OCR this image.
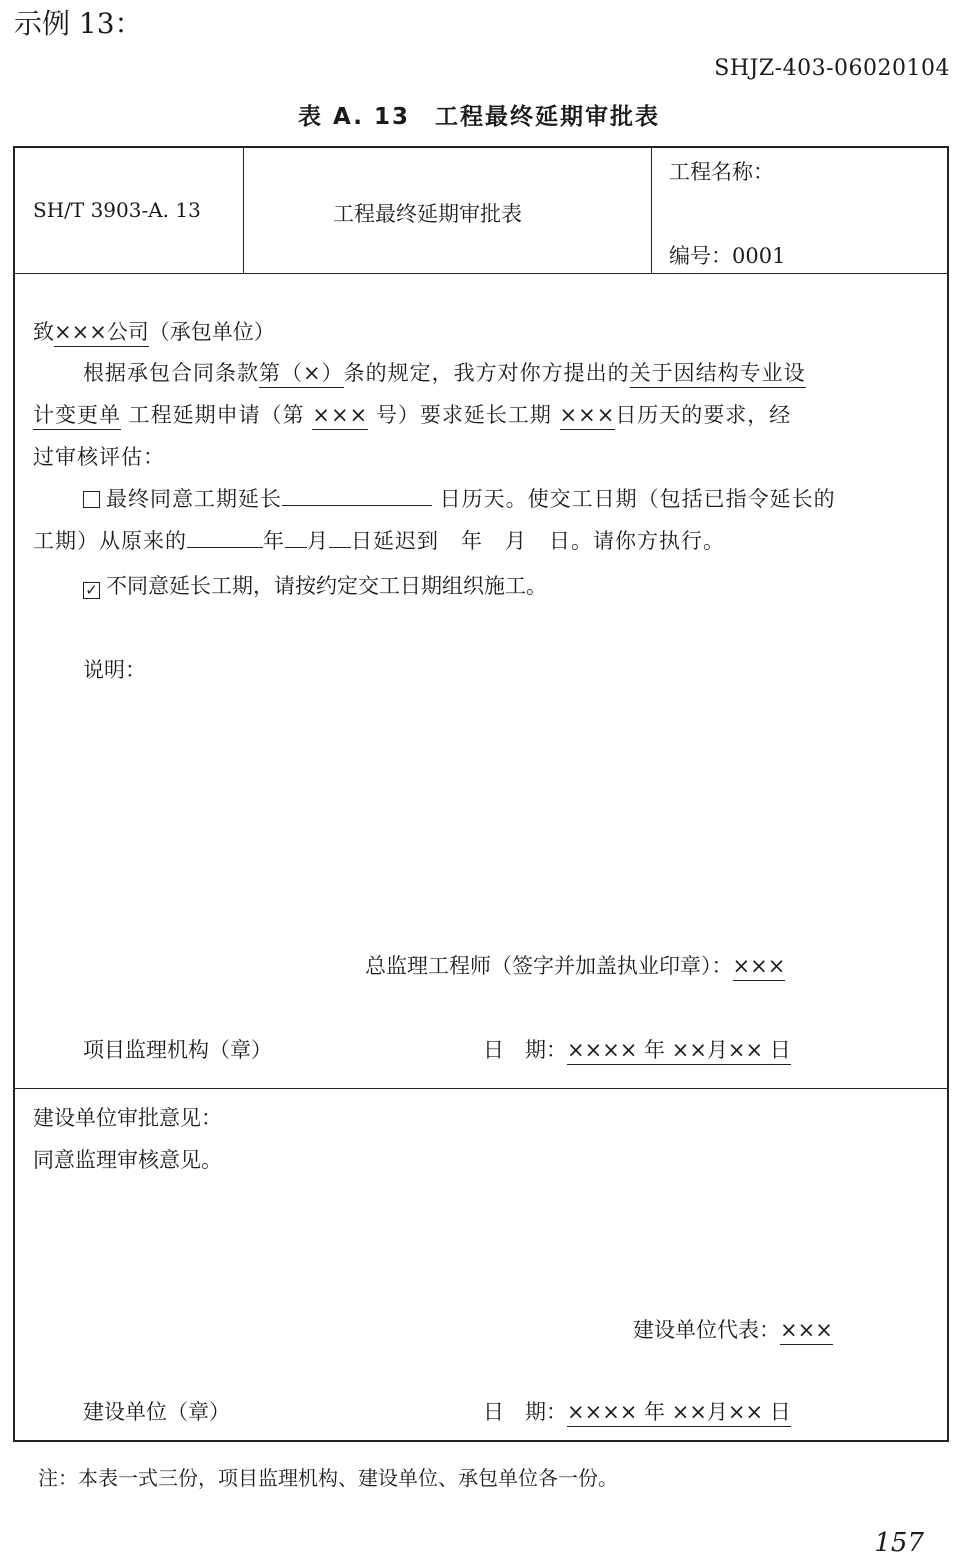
示例 13：
SHJZ-403-06020104
表 A. 13　工程最终延期审批表
SH/T 3903-A. 13	工程最终延期审批表
工程名称：
编号：0001
致×××公司（承包单位）
根据承包合同条款第（×）条的规定，我方对你方提出的关于因结构专业设
计变更单 工程延期申请（第 ××× 号）要求延长工期 ×××日历天的要求，经
过审核评估：
最终同意工期延长	日历天。使交工日期（包括已指令延长的
工期）从原来的	年 月 日延迟到　年　月　日。请你方执行。
✓ 不同意延长工期，请按约定交工日期组织施工。
说明：
总监理工程师（签字并加盖执业印章）：×××
项目监理机构（章）	日　期：×××× 年 ××月×× 日
建设单位审批意见：
同意监理审核意见。
建设单位代表：×××
建设单位（章）	日　期：×××× 年 ××月×× 日
注：本表一式三份，项目监理机构、建设单位、承包单位各一份。
157
